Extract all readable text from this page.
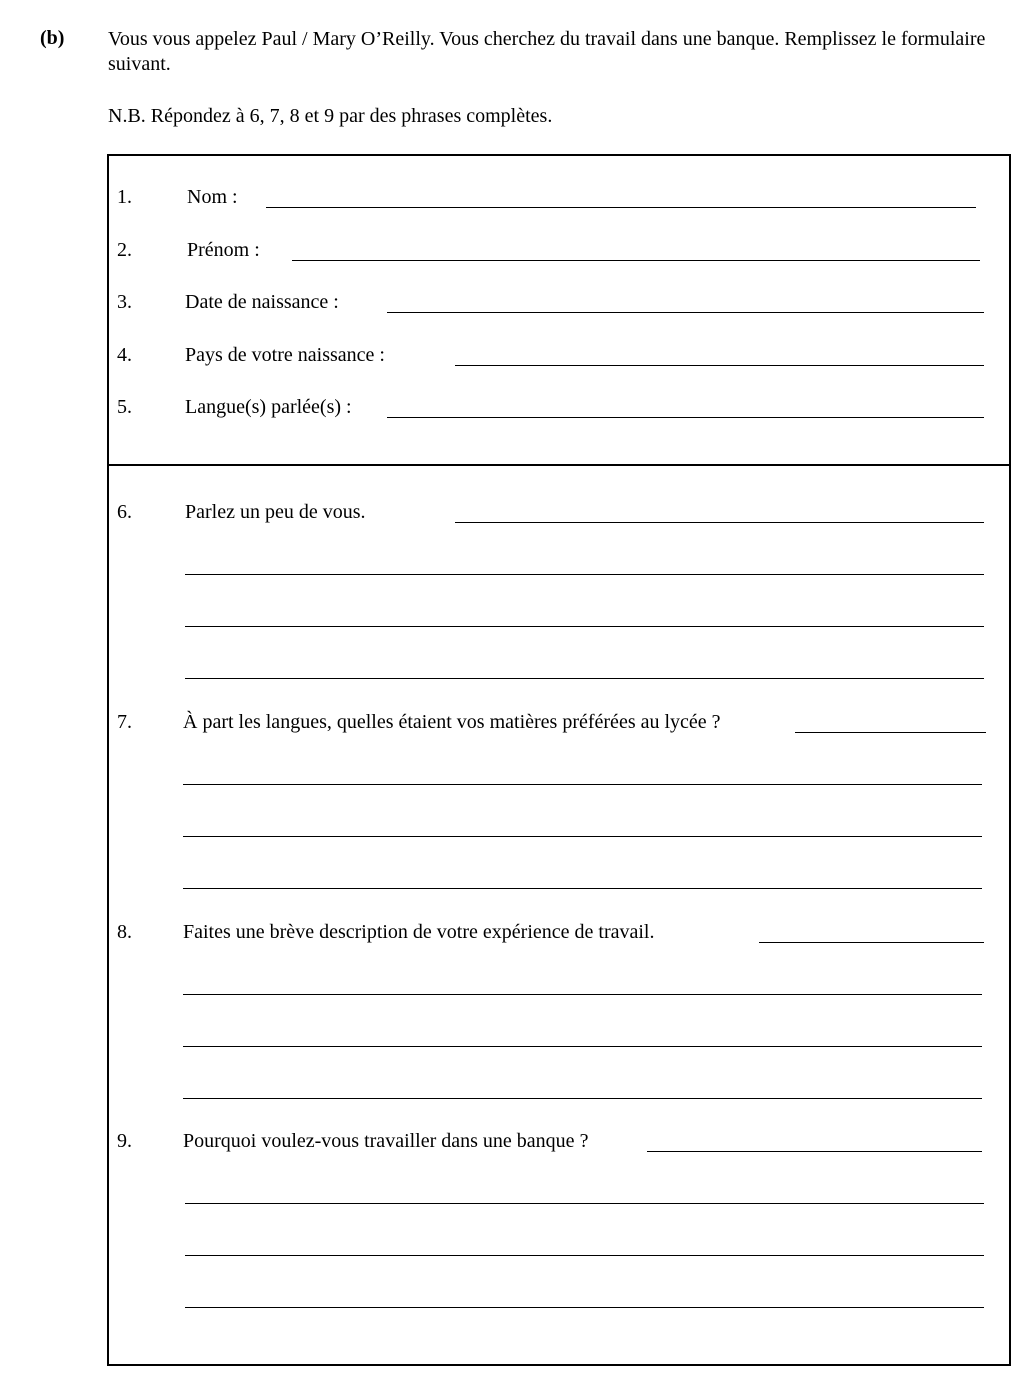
(b) Vous vous appelez Paul / Mary O’Reilly. Vous cherchez du travail dans une banque. Remplissez le formulaire suivant.
N.B. Répondez à 6, 7, 8 et 9 par des phrases complètes.
1.	Nom :
2.	Prénom :
3.	Date de naissance :
4.	Pays de votre naissance :
5.	Langue(s) parlée(s) :
6.	Parlez un peu de vous.
7.	À part les langues, quelles étaient vos matières préférées au lycée ?
8.	Faites une brève description de votre expérience de travail.
9.	Pourquoi voulez-vous travailler dans une banque ?
